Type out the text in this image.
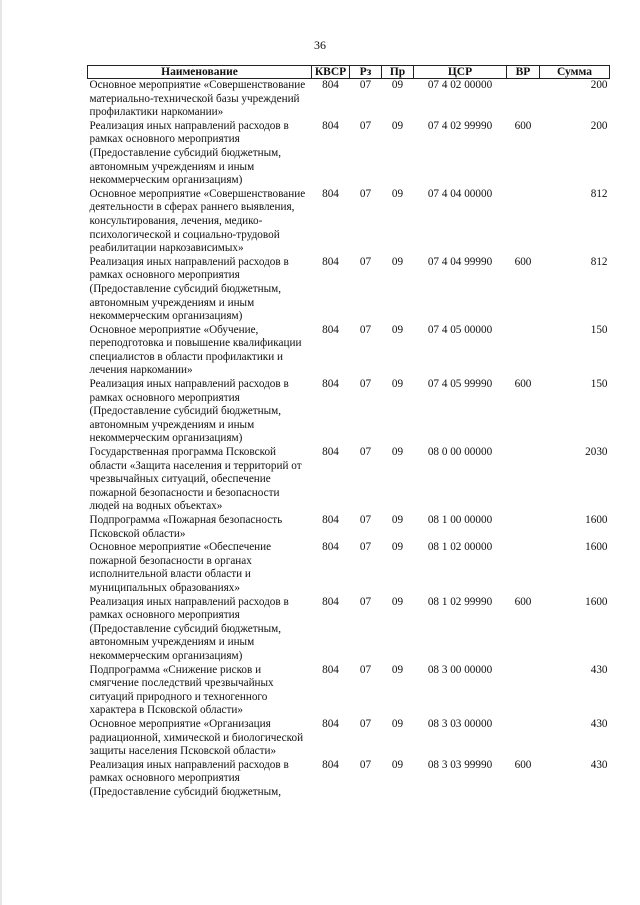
36
Наименование	КВСР	Рз	Пр	ЦСР	ВР	Сумма
Основное мероприятие «Совершенствование материально-технической базы учреждений профилактики наркомании»	804	07	09	07 4 02 00000		200
Реализация иных направлений расходов в рамках основного мероприятия (Предоставление субсидий бюджетным, автономным учреждениям и иным некоммерческим организациям)	804	07	09	07 4 02 99990	600	200
Основное мероприятие «Совершенствование деятельности в сферах раннего выявления, консультирования, лечения, медико-психологической и социально-трудовой реабилитации наркозависимых»	804	07	09	07 4 04 00000		812
Реализация иных направлений расходов в рамках основного мероприятия (Предоставление субсидий бюджетным, автономным учреждениям и иным некоммерческим организациям)	804	07	09	07 4 04 99990	600	812
Основное мероприятие «Обучение, переподготовка и повышение квалификации специалистов в области профилактики и лечения наркомании»	804	07	09	07 4 05 00000		150
Реализация иных направлений расходов в рамках основного мероприятия (Предоставление субсидий бюджетным, автономным учреждениям и иным некоммерческим организациям)	804	07	09	07 4 05 99990	600	150
Государственная программа Псковской области «Защита населения и территорий от чрезвычайных ситуаций, обеспечение пожарной безопасности и безопасности людей на водных объектах»	804	07	09	08 0 00 00000		2030
Подпрограмма «Пожарная безопасность Псковской области»	804	07	09	08 1 00 00000		1600
Основное мероприятие «Обеспечение пожарной безопасности в органах исполнительной власти области и муниципальных образованиях»	804	07	09	08 1 02 00000		1600
Реализация иных направлений расходов в рамках основного мероприятия (Предоставление субсидий бюджетным, автономным учреждениям и иным некоммерческим организациям)	804	07	09	08 1 02 99990	600	1600
Подпрограмма «Снижение рисков и смягчение последствий чрезвычайных ситуаций природного и техногенного характера в Псковской области»	804	07	09	08 3 00 00000		430
Основное мероприятие «Организация радиационной, химической и биологической защиты населения Псковской области»	804	07	09	08 3 03 00000		430
Реализация иных направлений расходов в рамках основного мероприятия (Предоставление субсидий бюджетным,	804	07	09	08 3 03 99990	600	430
